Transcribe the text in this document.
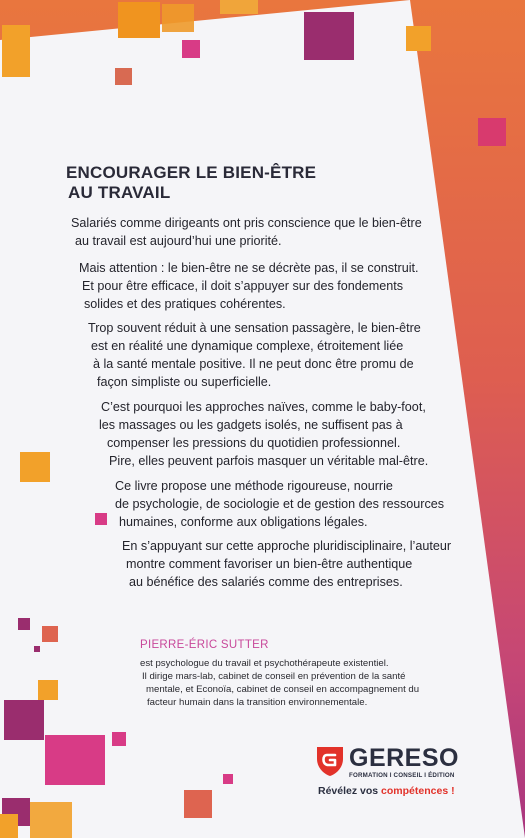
ENCOURAGER LE BIEN-ÊTRE
AU TRAVAIL
Salariés comme dirigeants ont pris conscience que le bien-être
au travail est aujourd’hui une priorité.
Mais attention : le bien-être ne se décrète pas, il se construit.
Et pour être efficace, il doit s’appuyer sur des fondements
solides et des pratiques cohérentes.
Trop souvent réduit à une sensation passagère, le bien-être
est en réalité une dynamique complexe, étroitement liée
à la santé mentale positive. Il ne peut donc être promu de
façon simpliste ou superficielle.
C’est pourquoi les approches naïves, comme le baby-foot,
les massages ou les gadgets isolés, ne suffisent pas à
compenser les pressions du quotidien professionnel.
Pire, elles peuvent parfois masquer un véritable mal-être.
Ce livre propose une méthode rigoureuse, nourrie
de psychologie, de sociologie et de gestion des ressources
humaines, conforme aux obligations légales.
En s’appuyant sur cette approche pluridisciplinaire, l’auteur
montre comment favoriser un bien-être authentique
au bénéfice des salariés comme des entreprises.

PIERRE-ÉRIC SUTTER

est psychologue du travail et psychothérapeute existentiel.
Il dirige mars-lab, cabinet de conseil en prévention de la santé
mentale, et Econoïa, cabinet de conseil en accompagnement du
facteur humain dans la transition environnementale.
GERESO
FORMATION I CONSEIL I ÉDITION
Révélez vos compétences !
